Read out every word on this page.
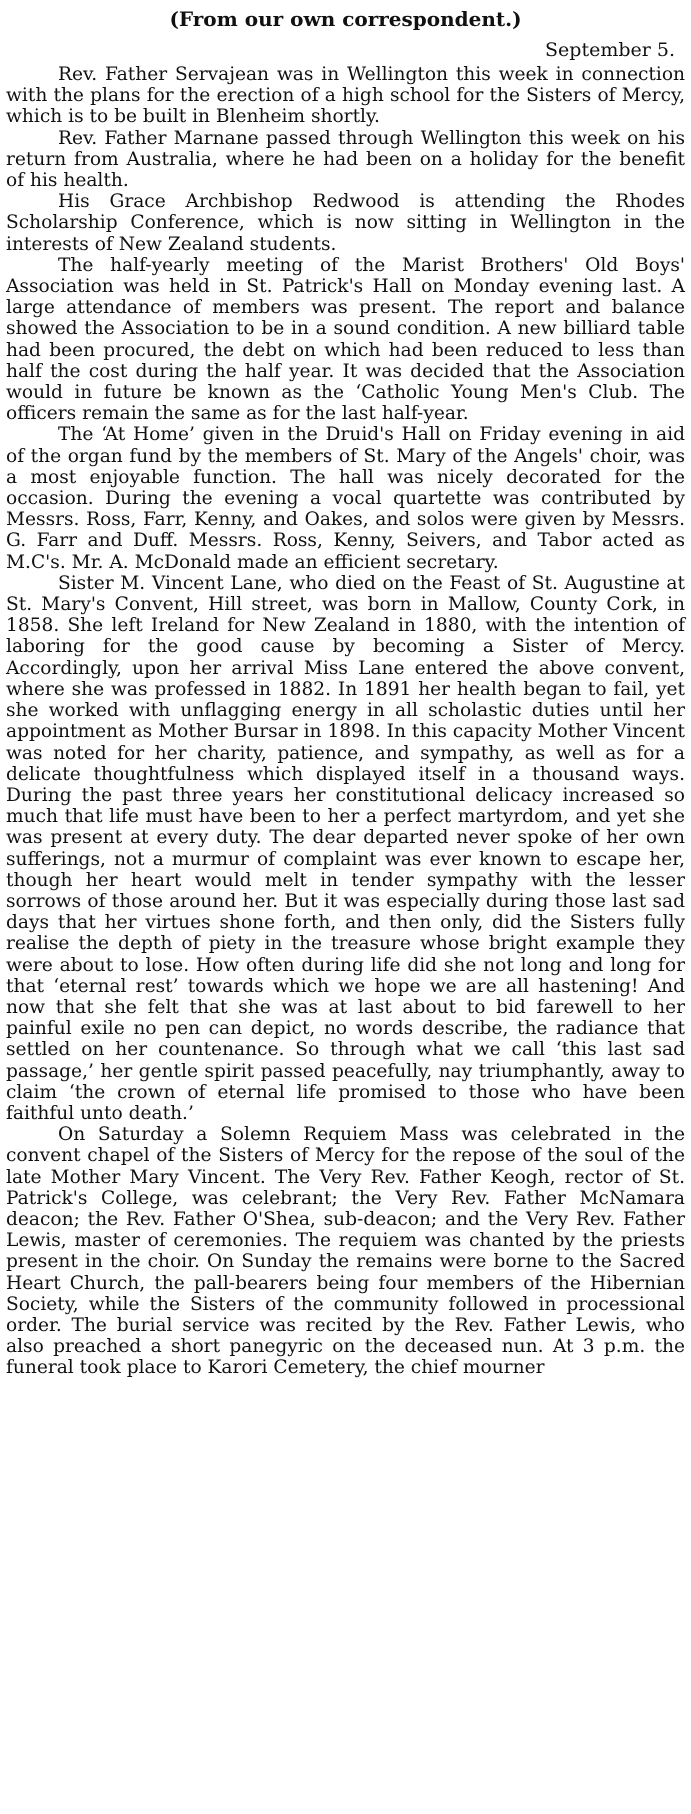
(From our own correspondent.)
September 5.

Rev. Father Servajean was in Wellington this week in connection with the plans for the erection of a high school for the Sisters of Mercy, which is to be built in Blenheim shortly.

Rev. Father Marnane passed through Wellington this week on his return from Australia, where he had been on a holiday for the benefit of his health.

His Grace Archbishop Redwood is attending the Rhodes Scholarship Conference, which is now sitting in Wellington in the interests of New Zealand students.

The half-yearly meeting of the Marist Brothers' Old Boys' Association was held in St. Patrick's Hall on Monday evening last. A large attendance of members was present. The report and balance showed the Association to be in a sound condition. A new billiard table had been procured, the debt on which had been reduced to less than half the cost during the half year. It was decided that the Association would in future be known as the ‘Catholic Young Men's Club. The officers remain the same as for the last half-year.

The ‘At Home’ given in the Druid's Hall on Friday evening in aid of the organ fund by the members of St. Mary of the Angels' choir, was a most enjoyable function. The hall was nicely decorated for the occasion. During the evening a vocal quartette was contributed by Messrs. Ross, Farr, Kenny, and Oakes, and solos were given by Messrs. G. Farr and Duff. Messrs. Ross, Kenny, Seivers, and Tabor acted as M.C's. Mr. A. McDonald made an efficient secretary.

Sister M. Vincent Lane, who died on the Feast of St. Augustine at St. Mary's Convent, Hill street, was born in Mallow, County Cork, in 1858. She left Ireland for New Zealand in 1880, with the intention of laboring for the good cause by becoming a Sister of Mercy. Accordingly, upon her arrival Miss Lane entered the above convent, where she was professed in 1882. In 1891 her health began to fail, yet she worked with unflagging energy in all scholastic duties until her appointment as Mother Bursar in 1898. In this capacity Mother Vincent was noted for her charity, patience, and sympathy, as well as for a delicate thoughtfulness which displayed itself in a thousand ways. During the past three years her constitutional delicacy increased so much that life must have been to her a perfect martyrdom, and yet she was present at every duty. The dear departed never spoke of her own sufferings, not a murmur of complaint was ever known to escape her, though her heart would melt in tender sympathy with the lesser sorrows of those around her. But it was especially during those last sad days that her virtues shone forth, and then only, did the Sisters fully realise the depth of piety in the treasure whose bright example they were about to lose. How often during life did she not long and long for that ‘eternal rest’ towards which we hope we are all hastening! And now that she felt that she was at last about to bid farewell to her painful exile no pen can depict, no words describe, the radiance that settled on her countenance. So through what we call ‘this last sad passage,’ her gentle spirit passed peacefully, nay triumphantly, away to claim ‘the crown of eternal life promised to those who have been faithful unto death.’

On Saturday a Solemn Requiem Mass was celebrated in the convent chapel of the Sisters of Mercy for the repose of the soul of the late Mother Mary Vincent. The Very Rev. Father Keogh, rector of St. Patrick's College, was celebrant; the Very Rev. Father McNamara deacon; the Rev. Father O'Shea, sub-deacon; and the Very Rev. Father Lewis, master of ceremonies. The requiem was chanted by the priests present in the choir. On Sunday the remains were borne to the Sacred Heart Church, the pall-bearers being four members of the Hibernian Society, while the Sisters of the community followed in processional order. The burial service was recited by the Rev. Father Lewis, who also preached a short panegyric on the deceased nun. At 3 p.m. the funeral took place to Karori Cemetery, the chief mourner
